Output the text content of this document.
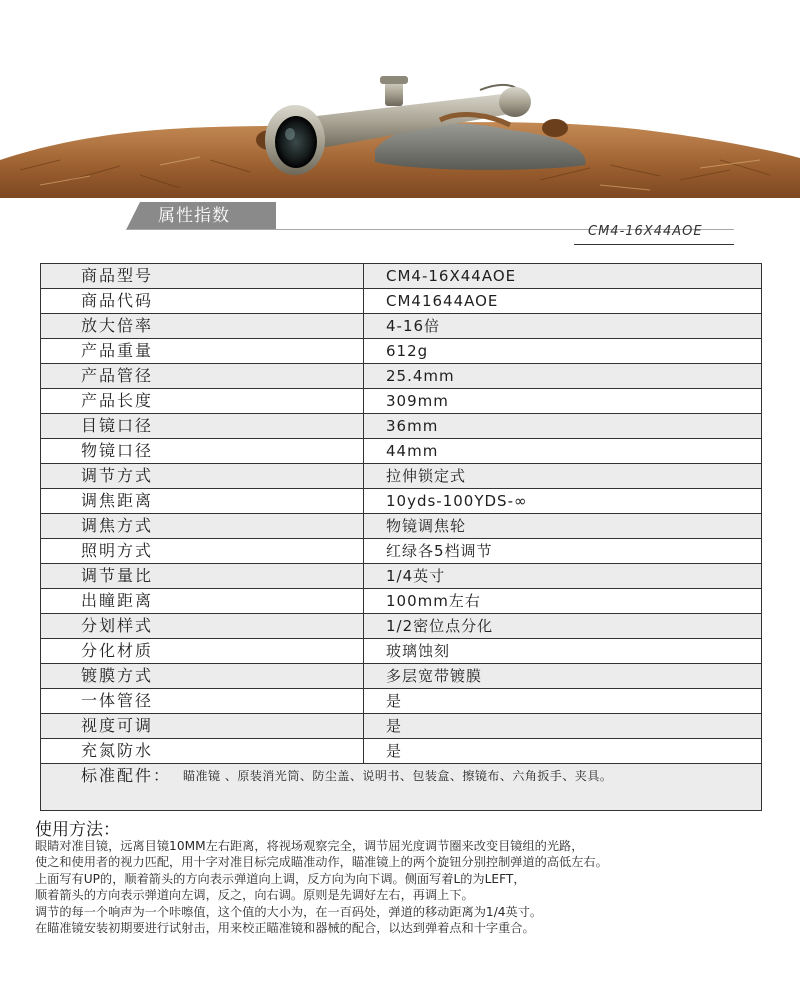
属性指数
CM4-16X44AOE
商品型号	CM4-16X44AOE
商品代码	CM41644AOE
放大倍率	4-16倍
产品重量	612g
产品管径	25.4mm
产品长度	309mm
目镜口径	36mm
物镜口径	44mm
调节方式	拉伸锁定式
调焦距离	10yds-100YDS-∞
调焦方式	物镜调焦轮
照明方式	红绿各5档调节
调节量比	1/4英寸
出瞳距离	100mm左右
分划样式	1/2密位点分化
分化材质	玻璃蚀刻
镀膜方式	多层宽带镀膜
一体管径	是
视度可调	是
充氮防水	是
标准配件： 瞄准镜 、原装消光筒、防尘盖、说明书、包装盒、擦镜布、六角扳手、夹具。
使用方法：
眼睛对准目镜，远离目镜10MM左右距离，将视场观察完全，调节屈光度调节圈来改变目镜组的光路，
使之和使用者的视力匹配，用十字对准目标完成瞄准动作，瞄准镜上的两个旋钮分别控制弹道的高低左右。
上面写有UP的，顺着箭头的方向表示弹道向上调，反方向为向下调。侧面写着L的为LEFT，
顺着箭头的方向表示弹道向左调，反之，向右调。原则是先调好左右，再调上下。
调节的每一个响声为一个咔嚓值，这个值的大小为，在一百码处，弹道的移动距离为1/4英寸。
在瞄准镜安装初期要进行试射击，用来校正瞄准镜和器械的配合，以达到弹着点和十字重合。
